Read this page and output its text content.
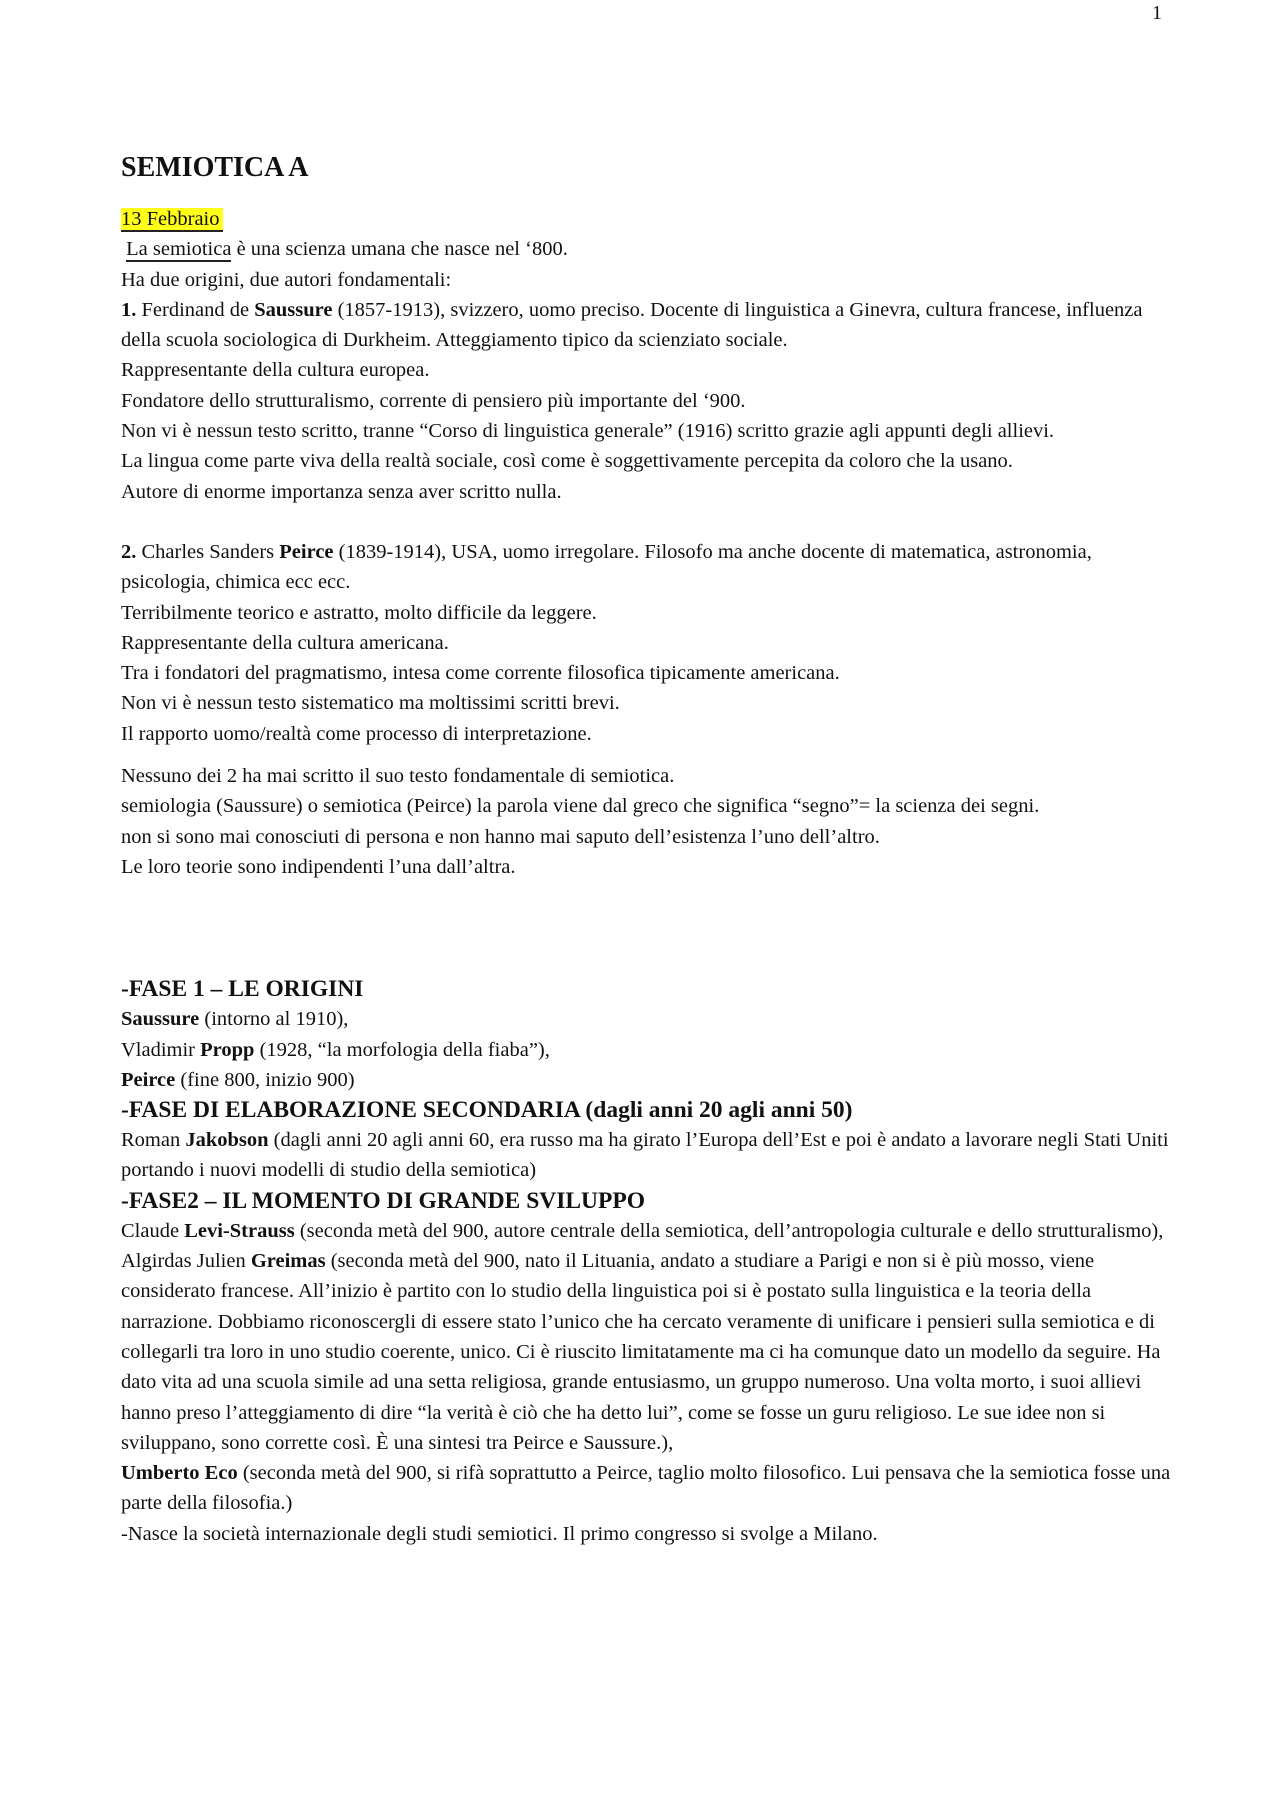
1
SEMIOTICA A

13 Febbraio

La semiotica è una scienza umana che nasce nel ‘800.

Ha due origini, due autori fondamentali:

1. Ferdinand de Saussure (1857-1913), svizzero, uomo preciso. Docente di linguistica a Ginevra, cultura francese, influenza della scuola sociologica di Durkheim. Atteggiamento tipico da scienziato sociale.

Rappresentante della cultura europea.

Fondatore dello strutturalismo, corrente di pensiero più importante del ‘900.

Non vi è nessun testo scritto, tranne “Corso di linguistica generale” (1916) scritto grazie agli appunti degli allievi.

La lingua come parte viva della realtà sociale, così come è soggettivamente percepita da coloro che la usano.

Autore di enorme importanza senza aver scritto nulla.

2. Charles Sanders Peirce (1839-1914), USA, uomo irregolare. Filosofo ma anche docente di matematica, astronomia, psicologia, chimica ecc ecc.

Terribilmente teorico e astratto, molto difficile da leggere.

Rappresentante della cultura americana.

Tra i fondatori del pragmatismo, intesa come corrente filosofica tipicamente americana.

Non vi è nessun testo sistematico ma moltissimi scritti brevi.

Il rapporto uomo/realtà come processo di interpretazione.

Nessuno dei 2 ha mai scritto il suo testo fondamentale di semiotica.

semiologia (Saussure) o semiotica (Peirce) la parola viene dal greco che significa “segno”= la scienza dei segni.

non si sono mai conosciuti di persona e non hanno mai saputo dell’esistenza l’uno dell’altro.

Le loro teorie sono indipendenti l’una dall’altra.

-FASE 1 – LE ORIGINI

Saussure (intorno al 1910),

Vladimir Propp (1928, “la morfologia della fiaba”),

Peirce (fine 800, inizio 900)

-FASE DI ELABORAZIONE SECONDARIA (dagli anni 20 agli anni 50)

Roman Jakobson (dagli anni 20 agli anni 60, era russo ma ha girato l’Europa dell’Est e poi è andato a lavorare negli Stati Uniti portando i nuovi modelli di studio della semiotica)

-FASE2 – IL MOMENTO DI GRANDE SVILUPPO

Claude Levi-Strauss (seconda metà del 900, autore centrale della semiotica, dell’antropologia culturale e dello strutturalismo),

Algirdas Julien Greimas (seconda metà del 900, nato il Lituania, andato a studiare a Parigi e non si è più mosso, viene considerato francese. All’inizio è partito con lo studio della linguistica poi si è postato sulla linguistica e la teoria della narrazione. Dobbiamo riconoscergli di essere stato l’unico che ha cercato veramente di unificare i pensieri sulla semiotica e di collegarli tra loro in uno studio coerente, unico. Ci è riuscito limitatamente ma ci ha comunque dato un modello da seguire. Ha dato vita ad una scuola simile ad una setta religiosa, grande entusiasmo, un gruppo numeroso. Una volta morto, i suoi allievi hanno preso l’atteggiamento di dire “la verità è ciò che ha detto lui”, come se fosse un guru religioso. Le sue idee non si sviluppano, sono corrette così. È una sintesi tra Peirce e Saussure.),

Umberto Eco (seconda metà del 900, si rifà soprattutto a Peirce, taglio molto filosofico. Lui pensava che la semiotica fosse una parte della filosofia.)

-Nasce la società internazionale degli studi semiotici. Il primo congresso si svolge a Milano.
